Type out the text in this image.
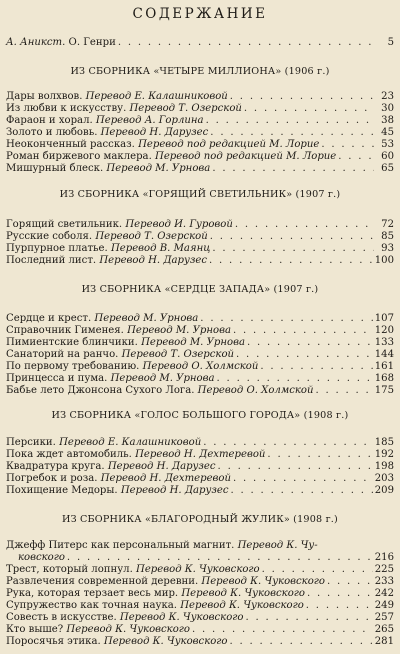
СОДЕРЖАНИЕ
А. Аникст. О. Генри . . .	5
ИЗ СБОРНИКА «ЧЕТЫРЕ МИЛЛИОНА» (1906 г.)
Дары волхвов. Перевод Е. Калашниковой . . .	23
Из любви к искусству. Перевод Т. Озерской . . .	30
Фараон и хорал. Перевод А. Горлина . . .	38
Золото и любовь. Перевод Н. Дарузес . . .	45
Неоконченный рассказ. Перевод под редакцией М. Лорие . . .	53
Роман биржевого маклера. Перевод под редакцией М. Лорие . . .	60
Мишурный блеск. Перевод М. Урнова . . .	65
ИЗ СБОРНИКА «ГОРЯЩИЙ СВЕТИЛЬНИК» (1907 г.)
Горящий светильник. Перевод И. Гуровой . . .	72
Русские соболя. Перевод Т. Озерской . . .	85
Пурпурное платье. Перевод В. Маянц . . .	93
Последний лист. Перевод Н. Дарузес . . .	100
ИЗ СБОРНИКА «СЕРДЦЕ ЗАПАДА» (1907 г.)
Сердце и крест. Перевод М. Урнова . . .	107
Справочник Гименея. Перевод М. Урнова . . .	120
Пимиентские блинчики. Перевод М. Урнова . . .	133
Санаторий на ранчо. Перевод Т. Озерской . . .	144
По первому требованию. Перевод О. Холмской . . .	161
Принцесса и пума. Перевод М. Урнова . . .	168
Бабье лето Джонсона Сухого Лога. Перевод О. Холмской . . .	175
ИЗ СБОРНИКА «ГОЛОС БОЛЬШОГО ГОРОДА» (1908 г.)
Персики. Перевод Е. Калашниковой . . .	185
Пока ждет автомобиль. Перевод Н. Дехтеревой . . .	192
Квадратура круга. Перевод Н. Дарузес . . .	198
Погребок и роза. Перевод Н. Дехтеревой . . .	203
Похищение Медоры. Перевод Н. Дарузес . . .	209
ИЗ СБОРНИКА «БЛАГОРОДНЫЙ ЖУЛИК» (1908 г.)
Джефф Питерс как персональный магнит. Перевод К. Чу-
ковского . . .	216
Трест, который лопнул. Перевод К. Чуковского . . .	225
Развлечения современной деревни. Перевод К. Чуковского . . .	233
Рука, которая терзает весь мир. Перевод К. Чуковского . . .	242
Супружество как точная наука. Перевод К. Чуковского . . .	249
Совесть в искусстве. Перевод К. Чуковского . . .	257
Кто выше? Перевод К. Чуковского . . .	265
Поросячья этика. Перевод К. Чуковского . . .	281
